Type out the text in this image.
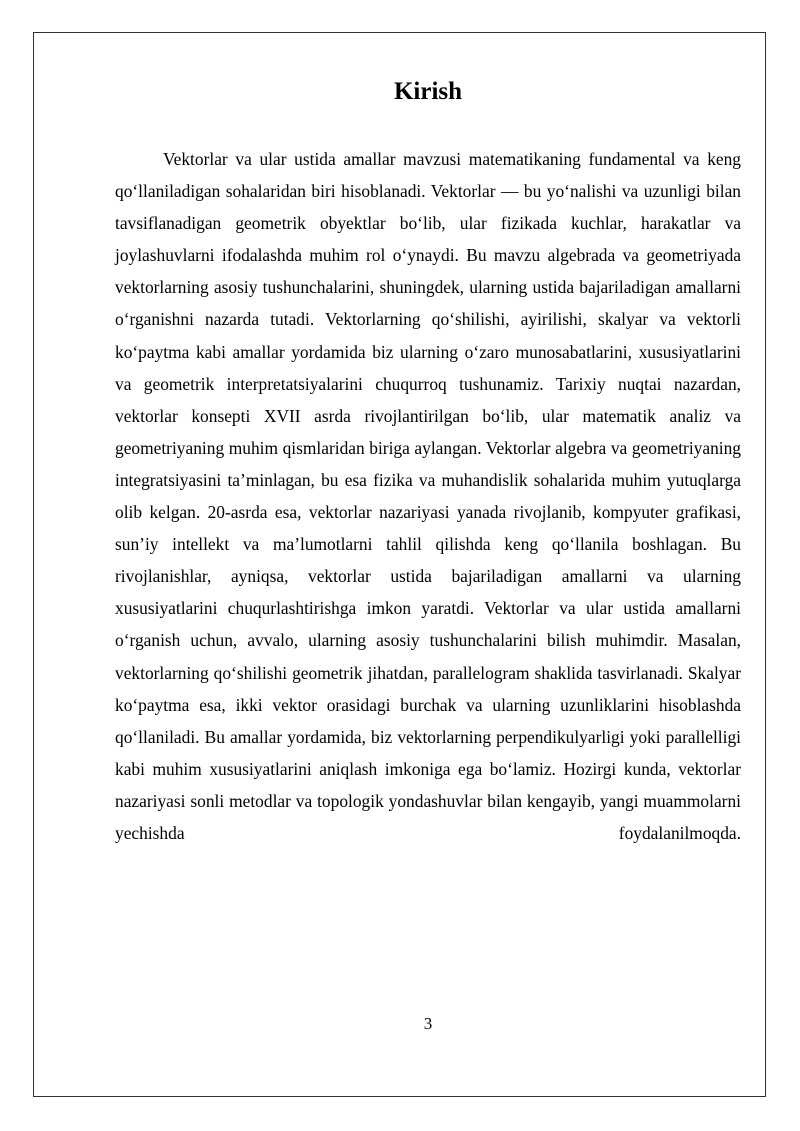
Kirish

Vektorlar va ular ustida amallar mavzusi matematikaning fundamental va keng qo‘llaniladigan sohalaridan biri hisoblanadi. Vektorlar — bu yo‘nalishi va uzunligi bilan tavsiflanadigan geometrik obyektlar bo‘lib, ular fizikada kuchlar, harakatlar va joylashuvlarni ifodalashda muhim rol o‘ynaydi. Bu mavzu algebrada va geometriyada vektorlarning asosiy tushunchalarini, shuningdek, ularning ustida bajariladigan amallarni o‘rganishni nazarda tutadi. Vektorlarning qo‘shilishi, ayirilishi, skalyar va vektorli ko‘paytma kabi amallar yordamida biz ularning o‘zaro munosabatlarini, xususiyatlarini va geometrik interpretatsiyalarini chuqurroq tushunamiz. Tarixiy nuqtai nazardan, vektorlar konsepti XVII asrda rivojlantirilgan bo‘lib, ular matematik analiz va geometriyaning muhim qismlaridan biriga aylangan. Vektorlar algebra va geometriyaning integratsiyasini ta’minlagan, bu esa fizika va muhandislik sohalarida muhim yutuqlarga olib kelgan. 20-asrda esa, vektorlar nazariyasi yanada rivojlanib, kompyuter grafikasi, sun’iy intellekt va ma’lumotlarni tahlil qilishda keng qo‘llanila boshlagan. Bu rivojlanishlar, ayniqsa, vektorlar ustida bajariladigan amallarni va ularning xususiyatlarini chuqurlashtirishga imkon yaratdi. Vektorlar va ular ustida amallarni o‘rganish uchun, avvalo, ularning asosiy tushunchalarini bilish muhimdir. Masalan, vektorlarning qo‘shilishi geometrik jihatdan, parallelogram shaklida tasvirlanadi. Skalyar ko‘paytma esa, ikki vektor orasidagi burchak va ularning uzunliklarini hisoblashda qo‘llaniladi. Bu amallar yordamida, biz vektorlarning perpendikulyarligi yoki parallelligi kabi muhim xususiyatlarini aniqlash imkoniga ega bo‘lamiz. Hozirgi kunda, vektorlar nazariyasi sonli metodlar va topologik yondashuvlar bilan kengayib, yangi muammolarni yechishda foydalanilmoqda.

3
